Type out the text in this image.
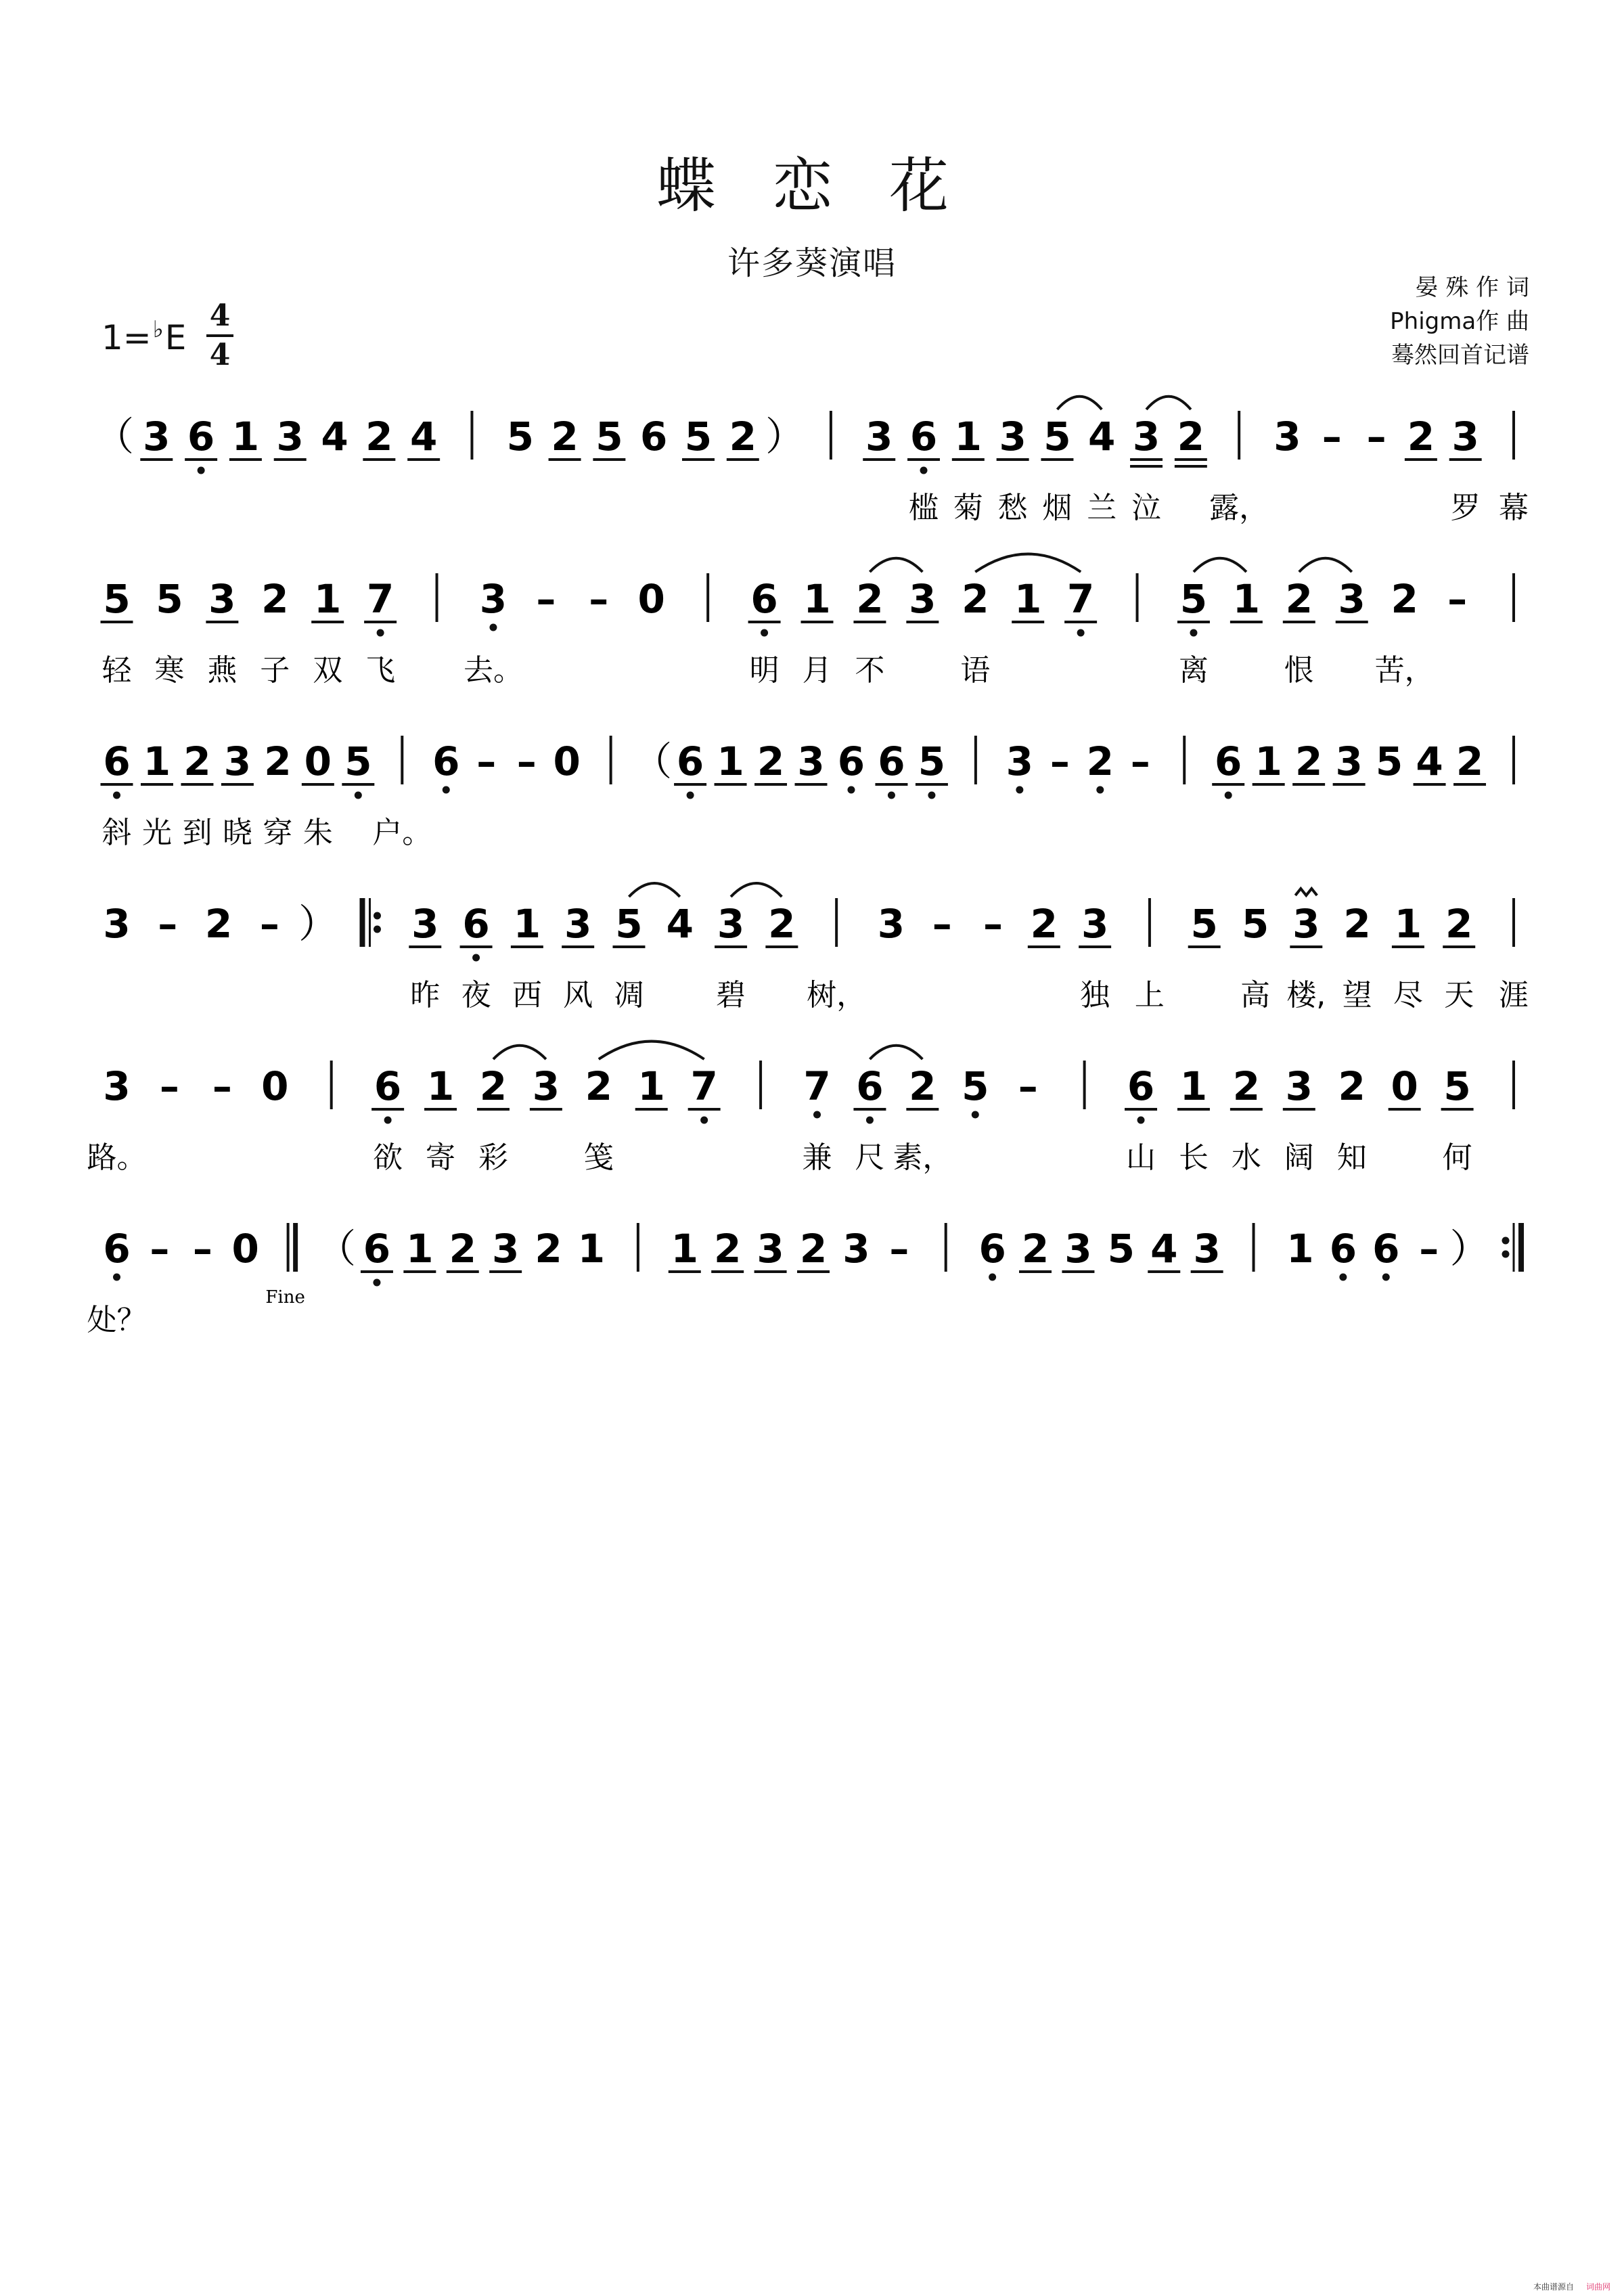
蝶 恋 花
许多葵演唱
晏 殊 作 词
Phigma作 曲
蓦然回首记谱
$1=^♭E \frac{4}{4}$
（ 3 6 1 3 4 2 4 5 2 5 6 5 2 ） 3 6 1 3 5 4 3 2 3 – – 2 3
槛 菊 愁 烟 兰 泣 露，	罗 幕
5 5 3 2 1 7 3 – – 0 6 1 2 3 2 1 7 5 1 2 3 2 –
轻 寒 燕 子 双 飞 去。	明 月 不	语	离	恨 苦，
6 1 2 3 2 0 5 6 – – 0 （ 6 1 2 3 6 6 5 3 – 2 – 6 1 2 3 5 4 2
斜 光 到 晓 穿 朱 户。
3 – 2 – ） 3 6 1 3 5 4 3 2 3 – – 2 3 5 5 3 2 1 2
昨 夜 西 风 凋 碧 树，	独 上	高 楼, 望 尽 天 涯
3 – – 0 6 1 2 3 2 1 7 7 6 2 5 – 6 1 2 3 2 0 5
路。	欲 寄 彩	笺	兼 尺 素，	山 长 水 阔 知	何
6 – – 0 （ 6 1 2 3 2 1 1 2 3 2 3 – 6 2 3 5 4 3 1 6 6 – ）
处？
Fine
本曲谱源自 词曲网
